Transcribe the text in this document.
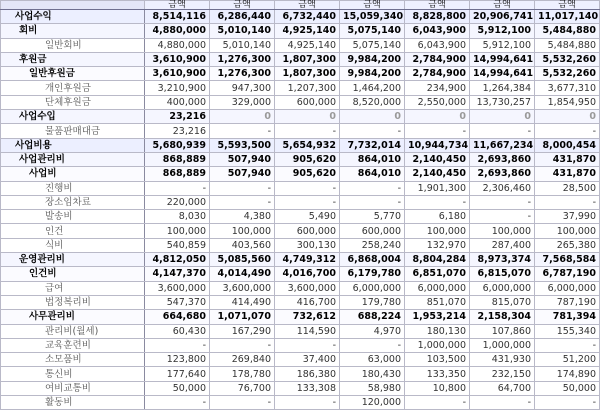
	금액	금액	금액	금액	금액	금액	금액
사업수익	8,514,116	6,286,440	6,732,440	15,059,340	8,828,800	20,906,741	11,017,140
회비	4,880,000	5,010,140	4,925,140	5,075,140	6,043,900	5,912,100	5,484,880
일반회비	4,880,000	5,010,140	4,925,140	5,075,140	6,043,900	5,912,100	5,484,880
후원금	3,610,900	1,276,300	1,807,300	9,984,200	2,784,900	14,994,641	5,532,260
일반후원금	3,610,900	1,276,300	1,807,300	9,984,200	2,784,900	14,994,641	5,532,260
개인후원금	3,210,900	947,300	1,207,300	1,464,200	234,900	1,264,384	3,677,310
단체후원금	400,000	329,000	600,000	8,520,000	2,550,000	13,730,257	1,854,950
사업수입	23,216	0	0	0	0	0	0
물품판매대금	23,216	-	-	-	-	-	-
사업비용	5,680,939	5,593,500	5,654,932	7,732,014	10,944,734	11,667,234	8,000,454
사업관리비	868,889	507,940	905,620	864,010	2,140,450	2,693,860	431,870
사업비	868,889	507,940	905,620	864,010	2,140,450	2,693,860	431,870
진행비	-	-	-	-	1,901,300	2,306,460	28,500
장소임차료	220,000	-	-	-	-	-	-
발송비	8,030	4,380	5,490	5,770	6,180	-	37,990
인건	100,000	100,000	600,000	600,000	100,000	100,000	100,000
식비	540,859	403,560	300,130	258,240	132,970	287,400	265,380
운영관리비	4,812,050	5,085,560	4,749,312	6,868,004	8,804,284	8,973,374	7,568,584
인건비	4,147,370	4,014,490	4,016,700	6,179,780	6,851,070	6,815,070	6,787,190
급여	3,600,000	3,600,000	3,600,000	6,000,000	6,000,000	6,000,000	6,000,000
법정복리비	547,370	414,490	416,700	179,780	851,070	815,070	787,190
사무관리비	664,680	1,071,070	732,612	688,224	1,953,214	2,158,304	781,394
관리비(월세)	60,430	167,290	114,590	4,970	180,130	107,860	155,340
교육훈련비	-	-	-	-	1,000,000	1,000,000	-
소모품비	123,800	269,840	37,400	63,000	103,500	431,930	51,200
통신비	177,640	178,780	186,380	180,430	133,350	232,150	174,890
여비교통비	50,000	76,700	133,308	58,980	10,800	64,700	50,000
활동비	-	-	-	120,000	-	-	-
